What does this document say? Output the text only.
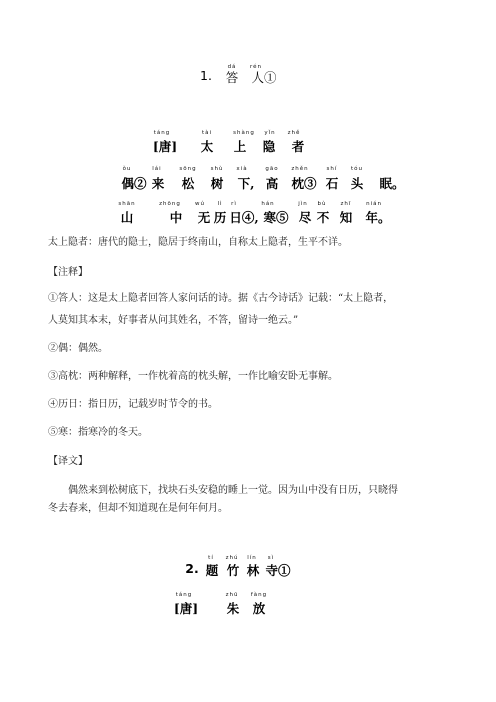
dá rén
1. 答 人①
táng	tài	shàng yǐn zhě
[唐] 太 上 隐 者
ǒu	lái	sōng	shù xià	gāo zhěn	shí tóu
偶② 来 松 树 下, 高 枕③ 石 头 眠。
shān	zhōng	wú lì rì	hán	jìn bù	zhī	nián
山	中 无 历 日④, 寒⑤ 尽 不 知 年。
太上隐者：唐代的隐士，隐居于终南山，自称太上隐者，生平不详。
【注释】
①答人：这是太上隐者回答人家问话的诗。据《古今诗话》记载：“太上隐者，
人莫知其本末，好事者从问其姓名，不答，留诗一绝云。”
②偶：偶然。
③高枕：两种解释，一作枕着高的枕头解，一作比喻安卧无事解。
④历日：指日历，记载岁时节令的书。
⑤寒：指寒冷的冬天。
【译文】
偶然来到松树底下，找块石头安稳的睡上一觉。因为山中没有日历，只晓得
冬去春来，但却不知道现在是何年何月。
tí zhú lín sì
2. 题 竹 林 寺①
táng	zhū fàng
[唐] 朱 放
